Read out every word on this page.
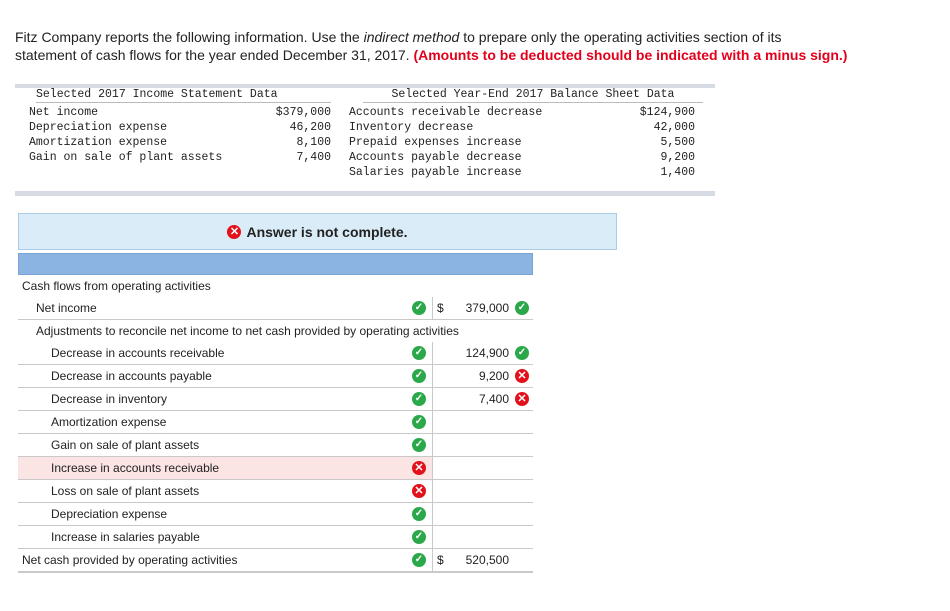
Fitz Company reports the following information. Use the indirect method to prepare only the operating activities section of its
statement of cash flows for the year ended December 31, 2017. (Amounts to be deducted should be indicated with a minus sign.)
Selected 2017 Income Statement Data	Selected Year-End 2017 Balance Sheet Data
Net income	$379,000
Depreciation expense	46,200
Amortization expense	8,100
Gain on sale of plant assets	7,400
Accounts receivable decrease	$124,900
Inventory decrease	42,000
Prepaid expenses increase	5,500
Accounts payable decrease	9,200
Salaries payable increase	1,400
✕ Answer is not complete.
Cash flows from operating activities
Net income	✓ $ 379,000 ✓
Adjustments to reconcile net income to net cash provided by operating activities
Decrease in accounts receivable	✓	124,900 ✓
Decrease in accounts payable	✓	9,200 ✕
Decrease in inventory	✓	7,400 ✕
Amortization expense	✓
Gain on sale of plant assets	✓
Increase in accounts receivable	✕
Loss on sale of plant assets	✕
Depreciation expense	✓
Increase in salaries payable	✓
Net cash provided by operating activities	✓ $ 520,500
